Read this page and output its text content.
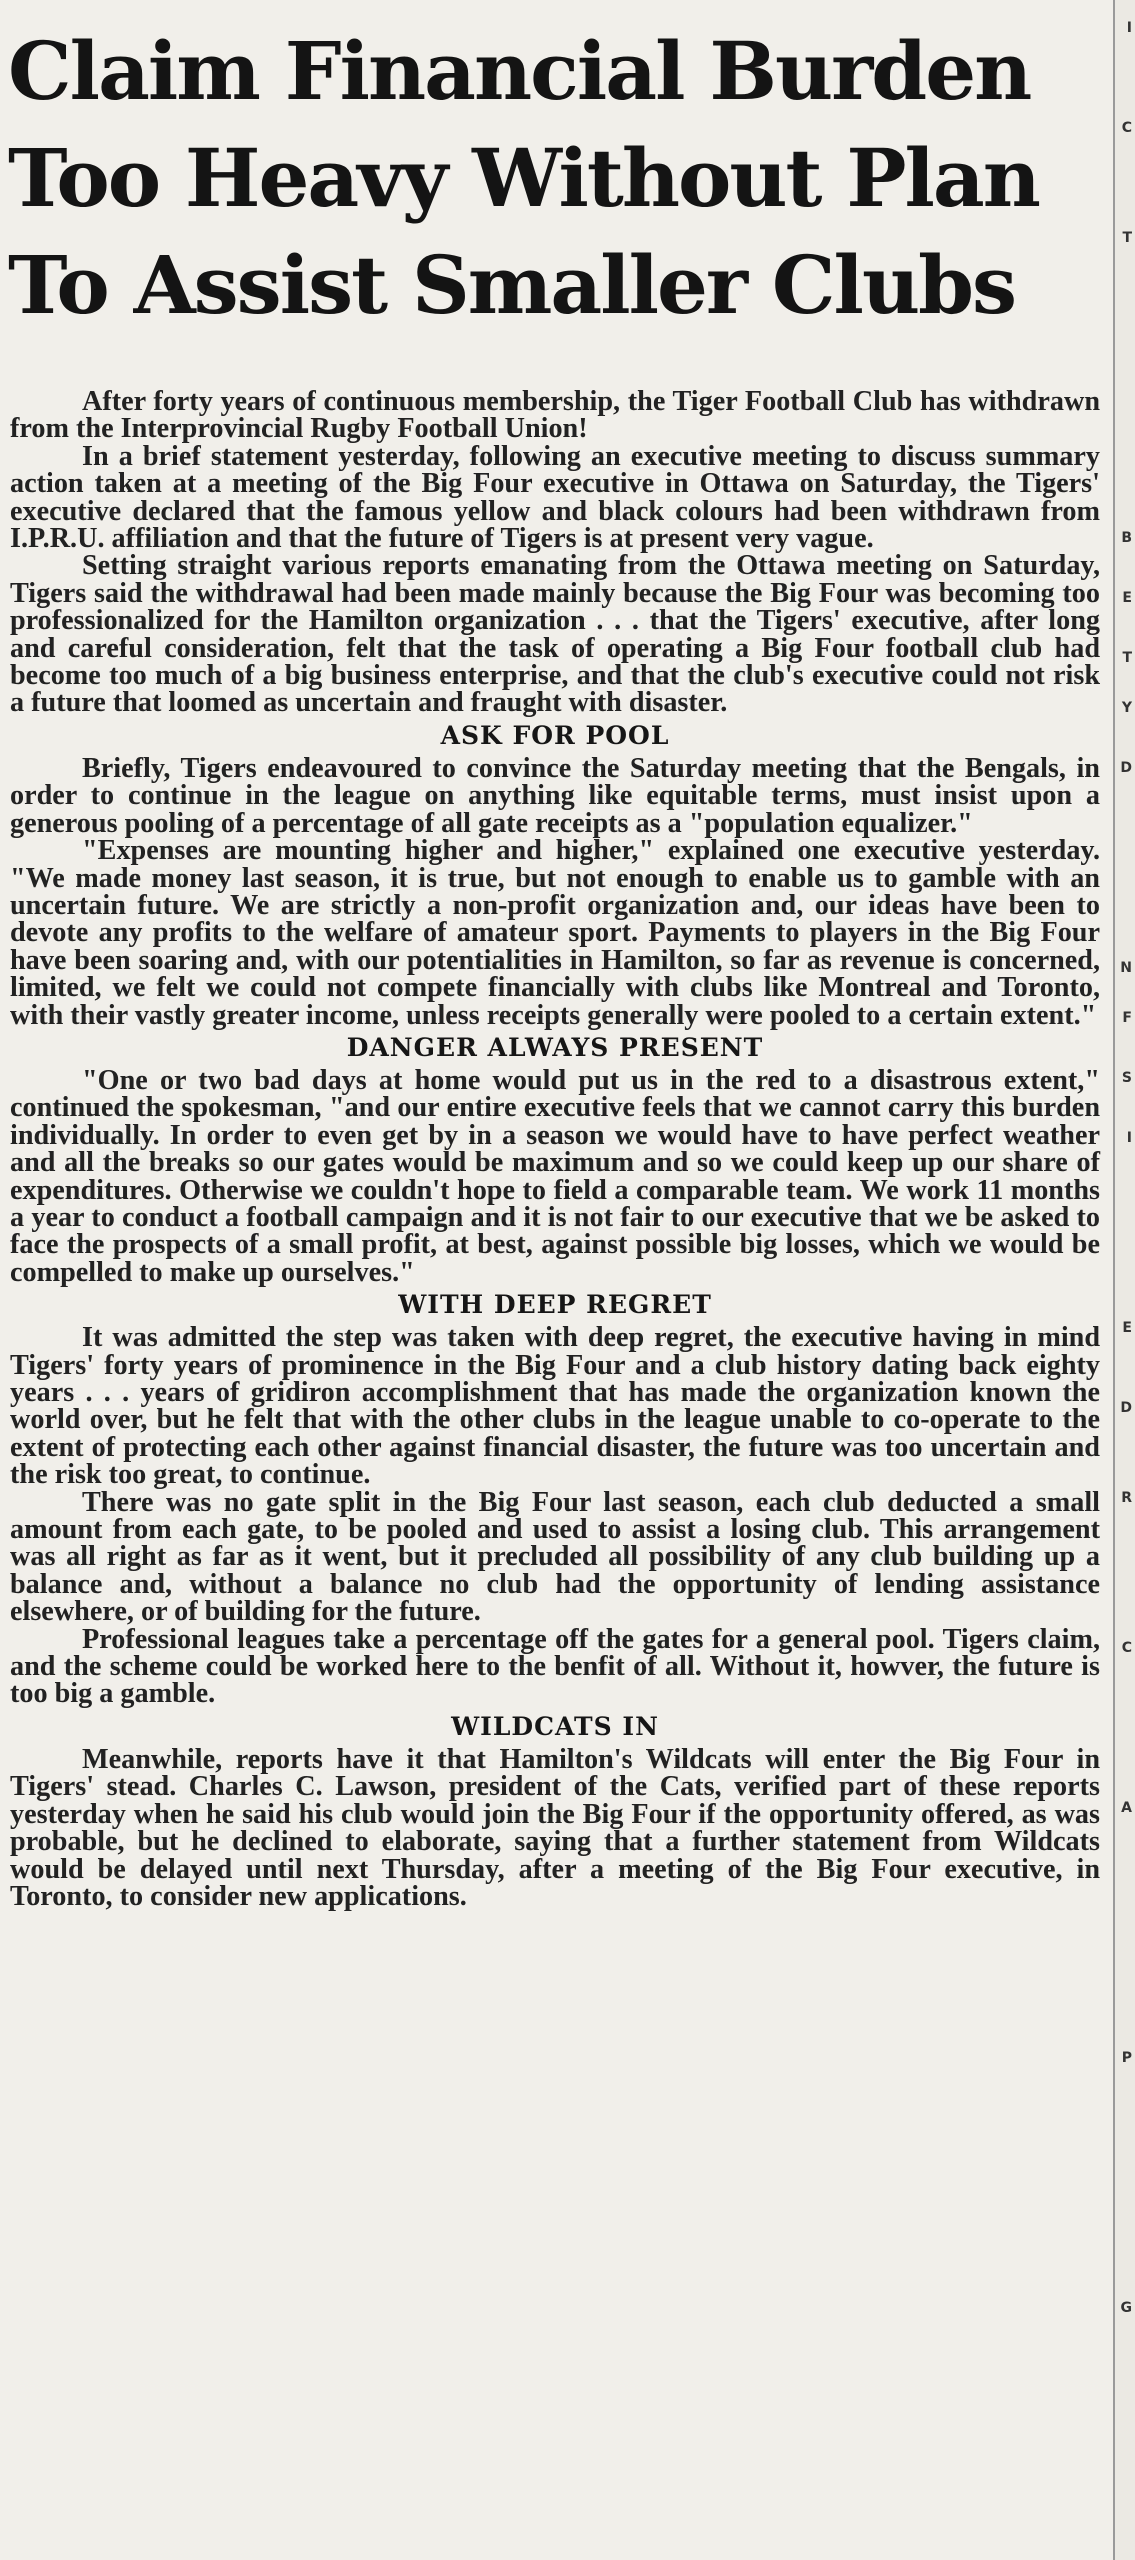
Claim Financial Burden
Too Heavy Without Plan
To Assist Smaller Clubs

After forty years of continuous membership, the Tiger Football Club has withdrawn from the Interprovincial Rugby Football Union!

In a brief statement yesterday, following an executive meeting to discuss summary action taken at a meeting of the Big Four executive in Ottawa on Saturday, the Tigers' executive declared that the famous yellow and black colours had been withdrawn from I.P.R.U. affiliation and that the future of Tigers is at present very vague.

Setting straight various reports emanating from the Ottawa meeting on Saturday, Tigers said the withdrawal had been made mainly because the Big Four was becoming too professionalized for the Hamilton organization . . . that the Tigers' executive, after long and careful consideration, felt that the task of operating a Big Four football club had become too much of a big business enterprise, and that the club's executive could not risk a future that loomed as uncertain and fraught with disaster.

ASK FOR POOL

Briefly, Tigers endeavoured to convince the Saturday meeting that the Bengals, in order to continue in the league on anything like equitable terms, must insist upon a generous pooling of a percentage of all gate receipts as a "population equalizer."

"Expenses are mounting higher and higher," explained one executive yesterday. "We made money last season, it is true, but not enough to enable us to gamble with an uncertain future. We are strictly a non-profit organization and, our ideas have been to devote any profits to the welfare of amateur sport. Payments to players in the Big Four have been soaring and, with our potentialities in Hamilton, so far as revenue is concerned, limited, we felt we could not compete financially with clubs like Montreal and Toronto, with their vastly greater income, unless receipts generally were pooled to a certain extent."

DANGER ALWAYS PRESENT

"One or two bad days at home would put us in the red to a disastrous extent," continued the spokesman, "and our entire executive feels that we cannot carry this burden individually. In order to even get by in a season we would have to have perfect weather and all the breaks so our gates would be maximum and so we could keep up our share of expenditures. Otherwise we couldn't hope to field a comparable team. We work 11 months a year to conduct a football campaign and it is not fair to our executive that we be asked to face the prospects of a small profit, at best, against possible big losses, which we would be compelled to make up ourselves."

WITH DEEP REGRET

It was admitted the step was taken with deep regret, the executive having in mind Tigers' forty years of prominence in the Big Four and a club history dating back eighty years . . . years of gridiron accomplishment that has made the organization known the world over, but he felt that with the other clubs in the league unable to co-operate to the extent of protecting each other against financial disaster, the future was too uncertain and the risk too great, to continue.

There was no gate split in the Big Four last season, each club deducted a small amount from each gate, to be pooled and used to assist a losing club. This arrangement was all right as far as it went, but it precluded all possibility of any club building up a balance and, without a balance no club had the opportunity of lending assistance elsewhere, or of building for the future.

Professional leagues take a percentage off the gates for a general pool. Tigers claim, and the scheme could be worked here to the benfit of all. Without it, howver, the future is too big a gamble.

WILDCATS IN

Meanwhile, reports have it that Hamilton's Wildcats will enter the Big Four in Tigers' stead. Charles C. Lawson, president of the Cats, verified part of these reports yesterday when he said his club would join the Big Four if the opportunity offered, as was probable, but he declined to elaborate, saying that a further statement from Wildcats would be delayed until next Thursday, after a meeting of the Big Four executive, in Toronto, to consider new applications.

I
C
T
B
E
T
Y
D
N
F
S
I
E
D
R
C
A
P
G
